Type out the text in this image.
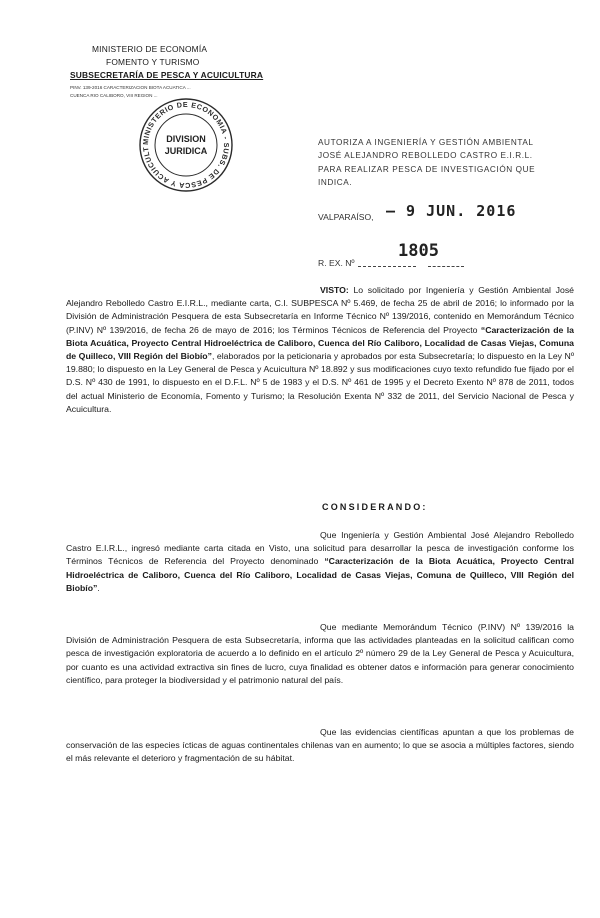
MINISTERIO DE ECONOMÍA
FOMENTO Y TURISMO
SUBSECRETARÍA DE PESCA Y ACUICULTURA
PINV. 139-2016 CARACTERIZACION BIOTA ACUATICA ...
CUENCA RIO CALIBORO, VIII REGION ...
MINISTERIO DE ECONOMIA - SUBS. DE PESCA Y ACUICULT
DIVISION
JURIDICA
AUTORIZA A INGENIERÍA Y GESTIÓN AMBIENTAL
JOSÉ ALEJANDRO REBOLLEDO CASTRO E.I.R.L.
PARA REALIZAR PESCA DE INVESTIGACIÓN QUE
INDICA.
VALPARAÍSO, – 9 JUN. 2016
R. EX. Nº
1805
VISTO: Lo solicitado por Ingeniería y Gestión Ambiental José Alejandro Rebolledo Castro E.I.R.L., mediante carta, C.I. SUBPESCA Nº 5.469, de fecha 25 de abril de 2016; lo informado por la División de Administración Pesquera de esta Subsecretaría en Informe Técnico Nº 139/2016, contenido en Memorándum Técnico (P.INV) Nº 139/2016, de fecha 26 de mayo de 2016; los Términos Técnicos de Referencia del Proyecto “Caracterización de la Biota Acuática, Proyecto Central Hidroeléctrica de Caliboro, Cuenca del Río Caliboro, Localidad de Casas Viejas, Comuna de Quilleco, VIII Región del Biobío”, elaborados por la peticionaria y aprobados por esta Subsecretaría; lo dispuesto en la Ley Nº 19.880; lo dispuesto en la Ley General de Pesca y Acuicultura Nº 18.892 y sus modificaciones cuyo texto refundido fue fijado por el D.S. Nº 430 de 1991, lo dispuesto en el D.F.L. Nº 5 de 1983 y el D.S. Nº 461 de 1995 y el Decreto Exento Nº 878 de 2011, todos del actual Ministerio de Economía, Fomento y Turismo; la Resolución Exenta Nº 332 de 2011, del Servicio Nacional de Pesca y Acuicultura.
CONSIDERANDO:
Que Ingeniería y Gestión Ambiental José Alejandro Rebolledo Castro E.I.R.L., ingresó mediante carta citada en Visto, una solicitud para desarrollar la pesca de investigación conforme los Términos Técnicos de Referencia del Proyecto denominado “Caracterización de la Biota Acuática, Proyecto Central Hidroeléctrica de Caliboro, Cuenca del Río Caliboro, Localidad de Casas Viejas, Comuna de Quilleco, VIII Región del Biobío”.
Que mediante Memorándum Técnico (P.INV) Nº 139/2016 la División de Administración Pesquera de esta Subsecretaría, informa que las actividades planteadas en la solicitud califican como pesca de investigación exploratoria de acuerdo a lo definido en el artículo 2º número 29 de la Ley General de Pesca y Acuicultura, por cuanto es una actividad extractiva sin fines de lucro, cuya finalidad es obtener datos e información para generar conocimiento científico, para proteger la biodiversidad y el patrimonio natural del país.
Que las evidencias científicas apuntan a que los problemas de conservación de las especies ícticas de aguas continentales chilenas van en aumento; lo que se asocia a múltiples factores, siendo el más relevante el deterioro y fragmentación de su hábitat.
